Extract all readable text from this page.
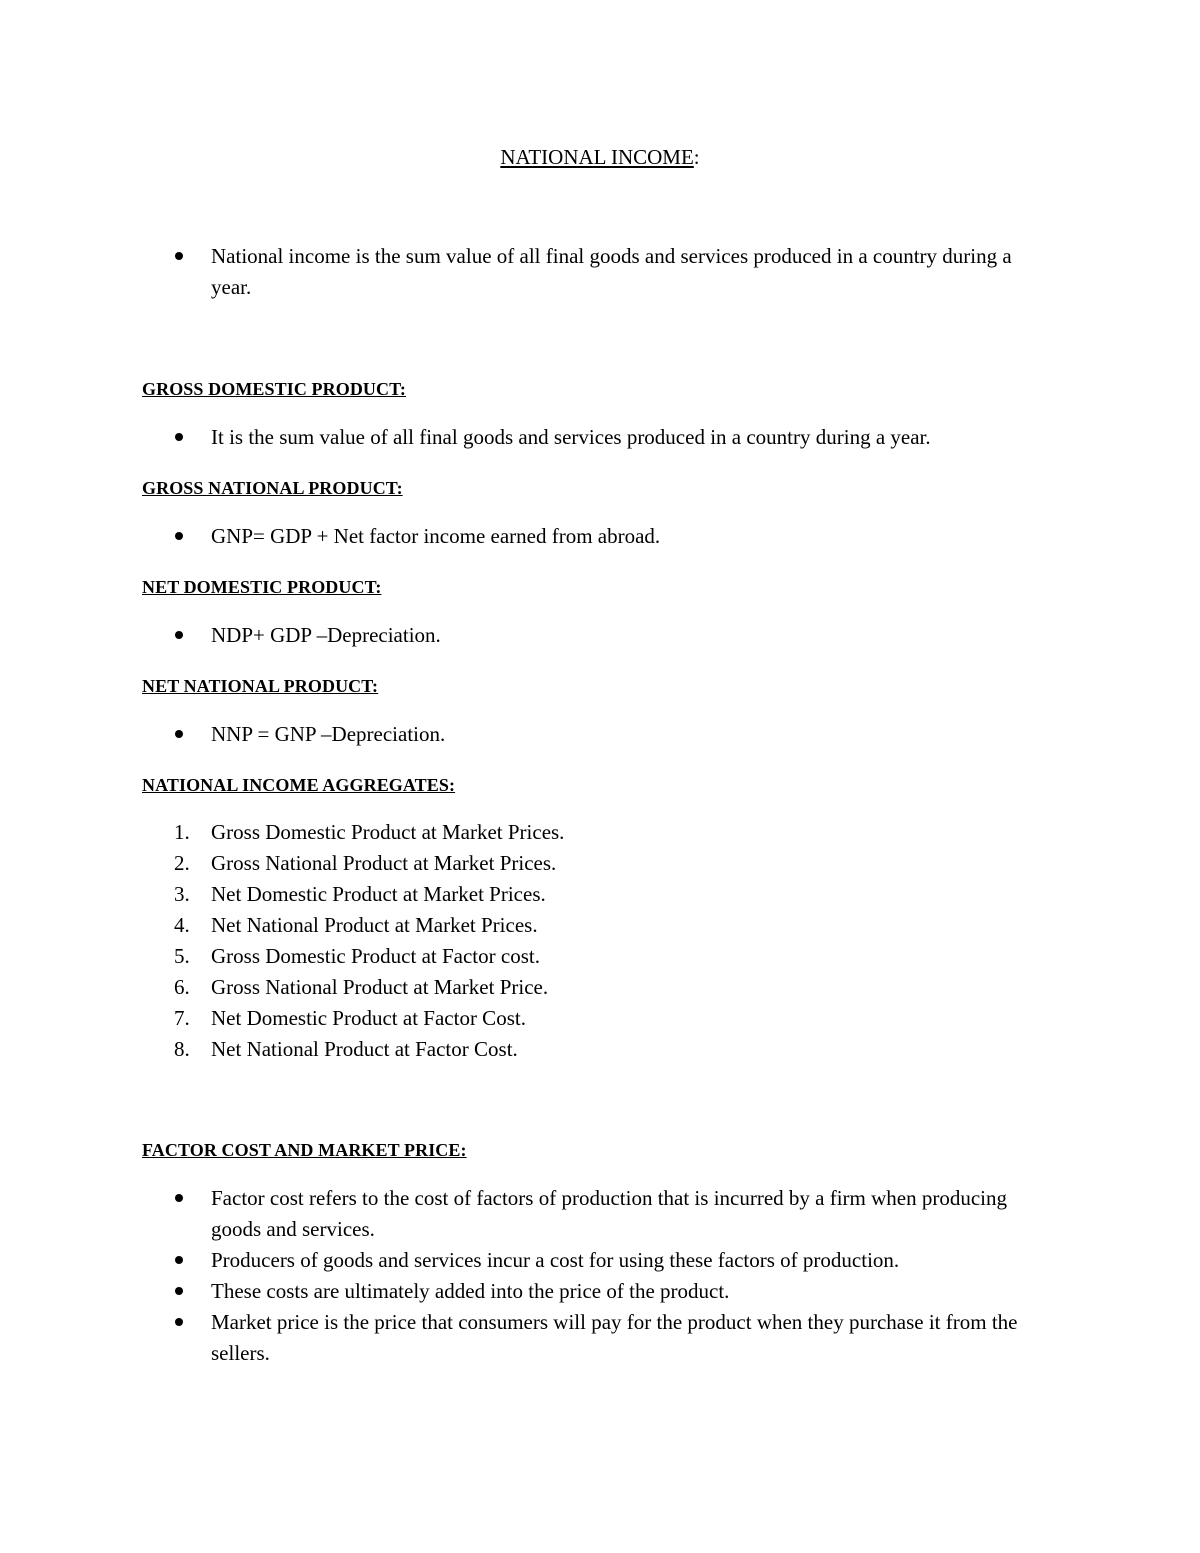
NATIONAL INCOME:
National income is the sum value of all final goods and services produced in a country during a year.
GROSS DOMESTIC PRODUCT:
It is the sum value of all final goods and services produced in a country during a year.
GROSS NATIONAL PRODUCT:
GNP= GDP + Net factor income earned from abroad.
NET DOMESTIC PRODUCT:
NDP+ GDP –Depreciation.
NET NATIONAL PRODUCT:
NNP = GNP –Depreciation.
NATIONAL INCOME AGGREGATES:
1. Gross Domestic Product at Market Prices.
2. Gross National Product at Market Prices.
3. Net Domestic Product at Market Prices.
4. Net National Product at Market Prices.
5. Gross Domestic Product at Factor cost.
6. Gross National Product at Market Price.
7. Net Domestic Product at Factor Cost.
8. Net National Product at Factor Cost.
FACTOR COST AND MARKET PRICE:
Factor cost refers to the cost of factors of production that is incurred by a firm when producing goods and services.
Producers of goods and services incur a cost for using these factors of production.
These costs are ultimately added into the price of the product.
Market price is the price that consumers will pay for the product when they purchase it from the sellers.
